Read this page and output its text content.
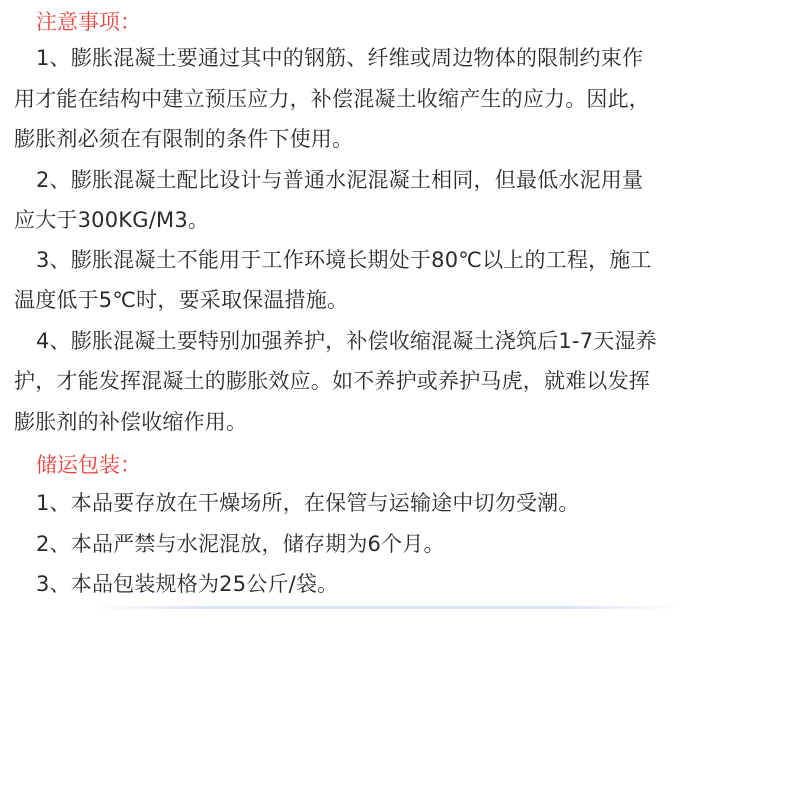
注意事项：
1、膨胀混凝土要通过其中的钢筋、纤维或周边物体的限制约束作
用才能在结构中建立预压应力，补偿混凝土收缩产生的应力。因此，
膨胀剂必须在有限制的条件下使用。
2、膨胀混凝土配比设计与普通水泥混凝土相同，但最低水泥用量
应大于300KG/M3。
3、膨胀混凝土不能用于工作环境长期处于80℃以上的工程，施工
温度低于5℃时，要采取保温措施。
4、膨胀混凝土要特别加强养护，补偿收缩混凝土浇筑后1-7天湿养
护，才能发挥混凝土的膨胀效应。如不养护或养护马虎，就难以发挥
膨胀剂的补偿收缩作用。
储运包装：
1、本品要存放在干燥场所，在保管与运输途中切勿受潮。
2、本品严禁与水泥混放，储存期为6个月。
3、本品包装规格为25公斤/袋。
